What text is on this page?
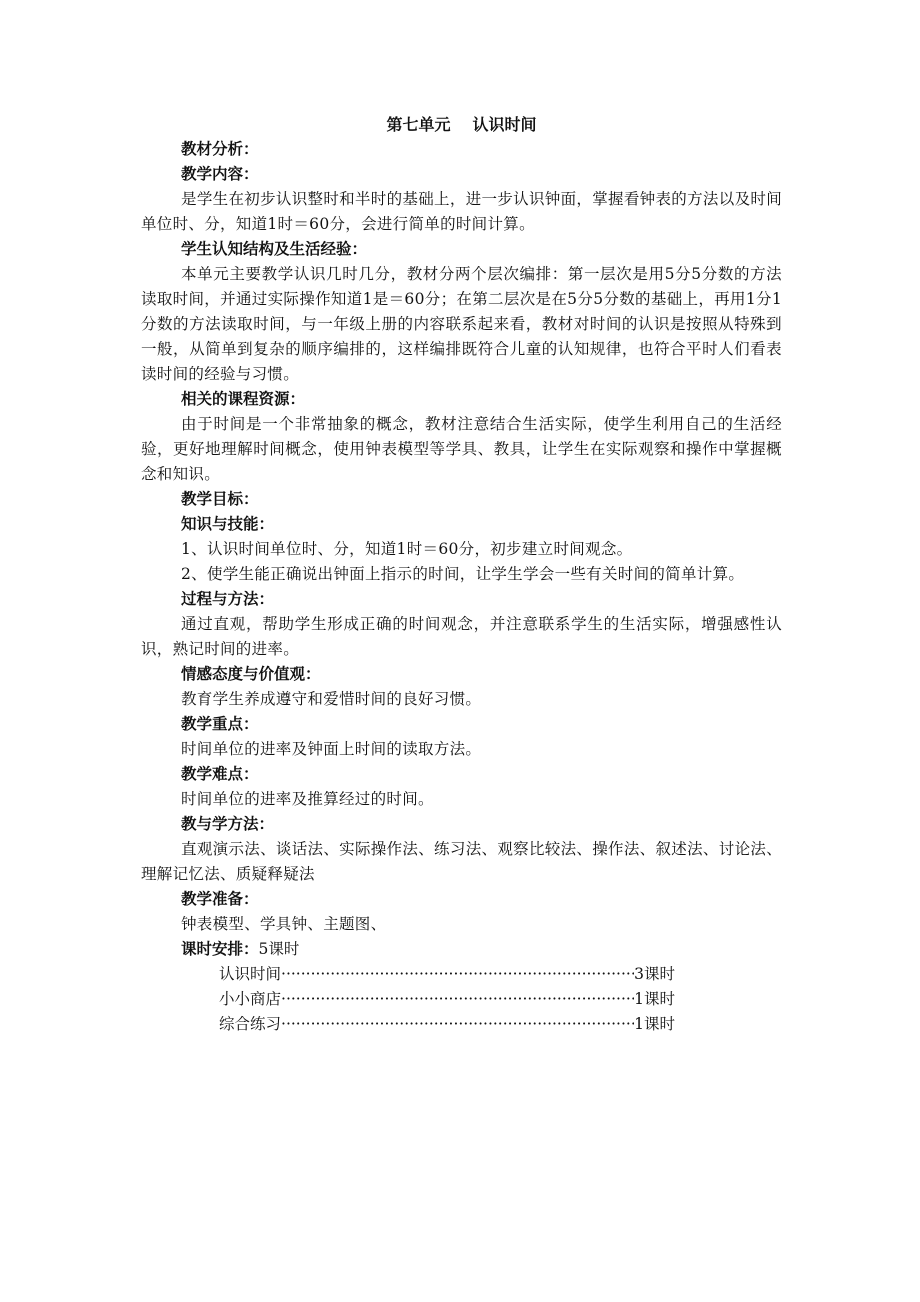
第七单元 认识时间
教材分析：
教学内容：

是学生在初步认识整时和半时的基础上，进一步认识钟面，掌握看钟表的方法以及时间单位时、分，知道1时＝60分，会进行简单的时间计算。

学生认知结构及生活经验：

本单元主要教学认识几时几分，教材分两个层次编排：第一层次是用5分5分数的方法读取时间，并通过实际操作知道1是＝60分；在第二层次是在5分5分数的基础上，再用1分1分数的方法读取时间，与一年级上册的内容联系起来看，教材对时间的认识是按照从特殊到一般，从简单到复杂的顺序编排的，这样编排既符合儿童的认知规律，也符合平时人们看表读时间的经验与习惯。

相关的课程资源：

由于时间是一个非常抽象的概念，教材注意结合生活实际，使学生利用自己的生活经验，更好地理解时间概念，使用钟表模型等学具、教具，让学生在实际观察和操作中掌握概念和知识。

教学目标：
知识与技能：

1、认识时间单位时、分，知道1时＝60分，初步建立时间观念。

2、使学生能正确说出钟面上指示的时间，让学生学会一些有关时间的简单计算。

过程与方法：

通过直观，帮助学生形成正确的时间观念，并注意联系学生的生活实际，增强感性认识，熟记时间的进率。

情感态度与价值观：

教育学生养成遵守和爱惜时间的良好习惯。

教学重点：

时间单位的进率及钟面上时间的读取方法。

教学难点：

时间单位的进率及推算经过的时间。

教与学方法：

直观演示法、谈话法、实际操作法、练习法、观察比较法、操作法、叙述法、讨论法、理解记忆法、质疑释疑法

教学准备：

钟表模型、学具钟、主题图、

课时安排：5课时
认识时间 ·····	3课时
小小商店 ·····	1课时
综合练习 ·····	1课时
